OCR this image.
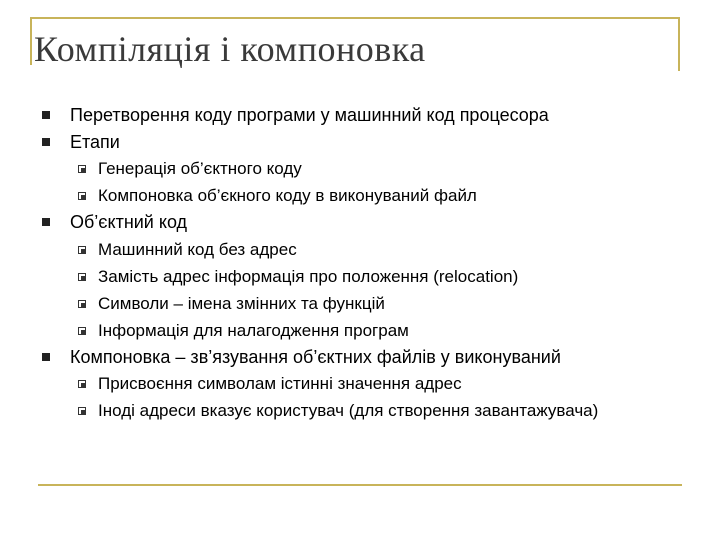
Компіляція і компоновка
Перетворення коду програми у машинний код процесора
Етапи
Генерація об’єктного коду
Компоновка об’єкного коду в виконуваний файл
Об’єктний код
Машинний код без адрес
Замість адрес інформація про положення (relocation)
Символи – імена змінних та функцій
Інформація для налагодження програм
Компоновка – зв’язування об’єктних файлів у виконуваний
Присвоєння символам істинні значення адрес
Іноді адреси вказує користувач (для створення завантажувача)
